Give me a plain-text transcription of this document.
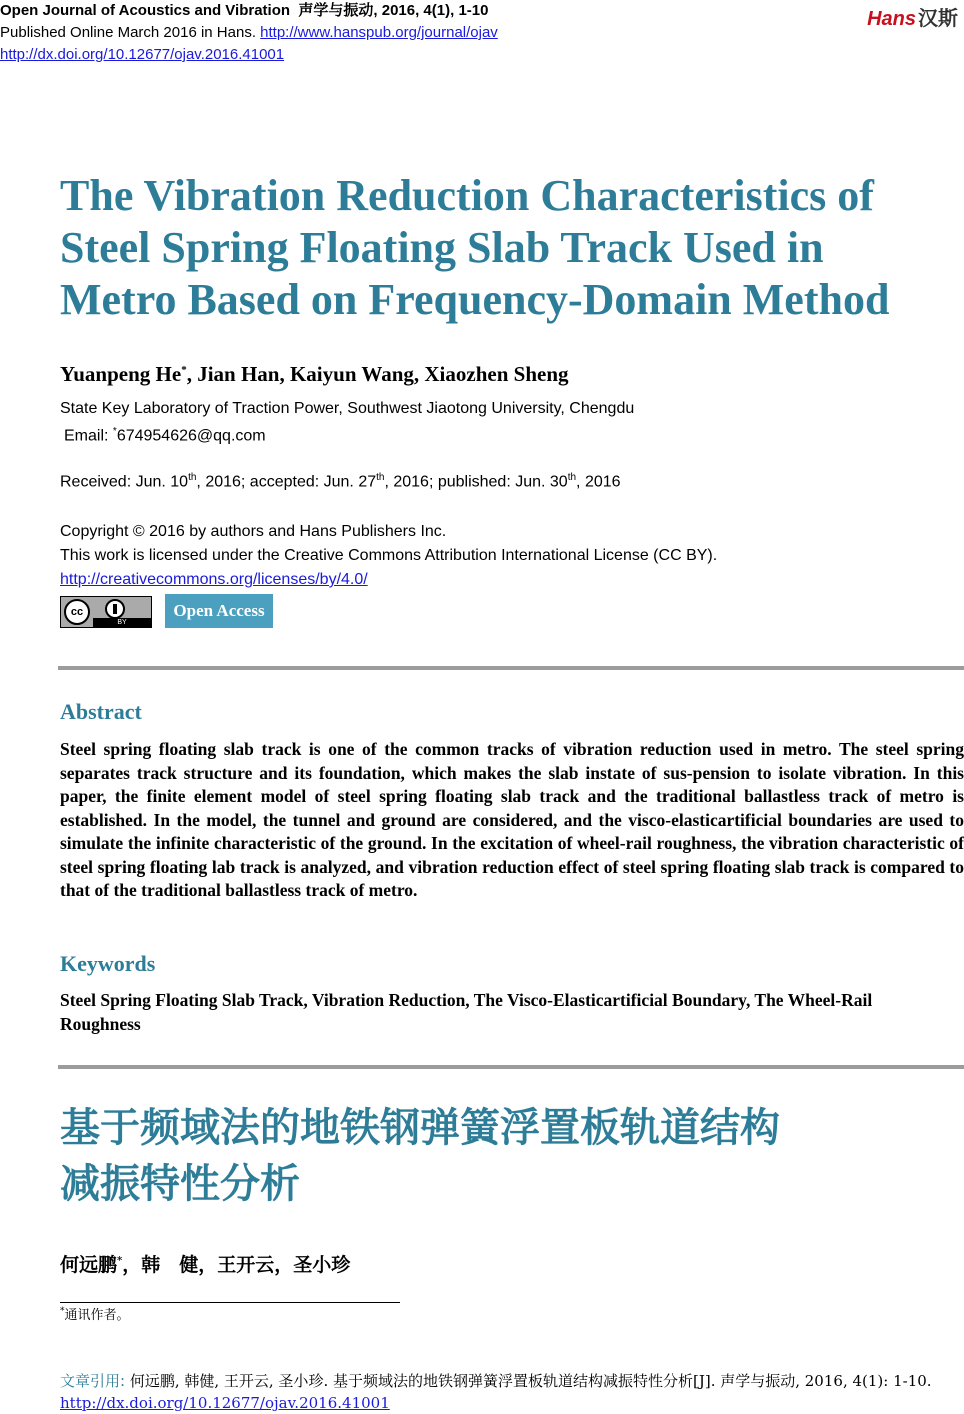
Open Journal of Acoustics and Vibration 声学与振动, 2016, 4(1), 1-10
Published Online March 2016 in Hans. http://www.hanspub.org/journal/ojav
http://dx.doi.org/10.12677/ojav.2016.41001
Hans 汉斯
The Vibration Reduction Characteristics of Steel Spring Floating Slab Track Used in Metro Based on Frequency-Domain Method
Yuanpeng He*, Jian Han, Kaiyun Wang, Xiaozhen Sheng
State Key Laboratory of Traction Power, Southwest Jiaotong University, Chengdu
Email: *674954626@qq.com
Received: Jun. 10th, 2016; accepted: Jun. 27th, 2016; published: Jun. 30th, 2016
Copyright © 2016 by authors and Hans Publishers Inc.
This work is licensed under the Creative Commons Attribution International License (CC BY).
http://creativecommons.org/licenses/by/4.0/
cc
BY
Open Access
Abstract
Steel spring floating slab track is one of the common tracks of vibration reduction used in metro. The steel spring separates track structure and its foundation, which makes the slab instate of sus-pension to isolate vibration. In this paper, the finite element model of steel spring floating slab track and the traditional ballastless track of metro is established. In the model, the tunnel and ground are considered, and the visco-elasticartificial boundaries are used to simulate the infinite characteristic of the ground. In the excitation of wheel-rail roughness, the vibration characteristic of steel spring floating lab track is analyzed, and vibration reduction effect of steel spring floating slab track is compared to that of the traditional ballastless track of metro.
Keywords
Steel Spring Floating Slab Track, Vibration Reduction, The Visco-Elasticartificial Boundary, The Wheel-Rail Roughness
基于频域法的地铁钢弹簧浮置板轨道结构
减振特性分析
何远鹏*，韩　健，王开云，圣小珍
*通讯作者。
文章引用: 何远鹏, 韩健, 王开云, 圣小珍. 基于频域法的地铁钢弹簧浮置板轨道结构减振特性分析[J]. 声学与振动, 2016, 4(1): 1-10. http://dx.doi.org/10.12677/ojav.2016.41001
